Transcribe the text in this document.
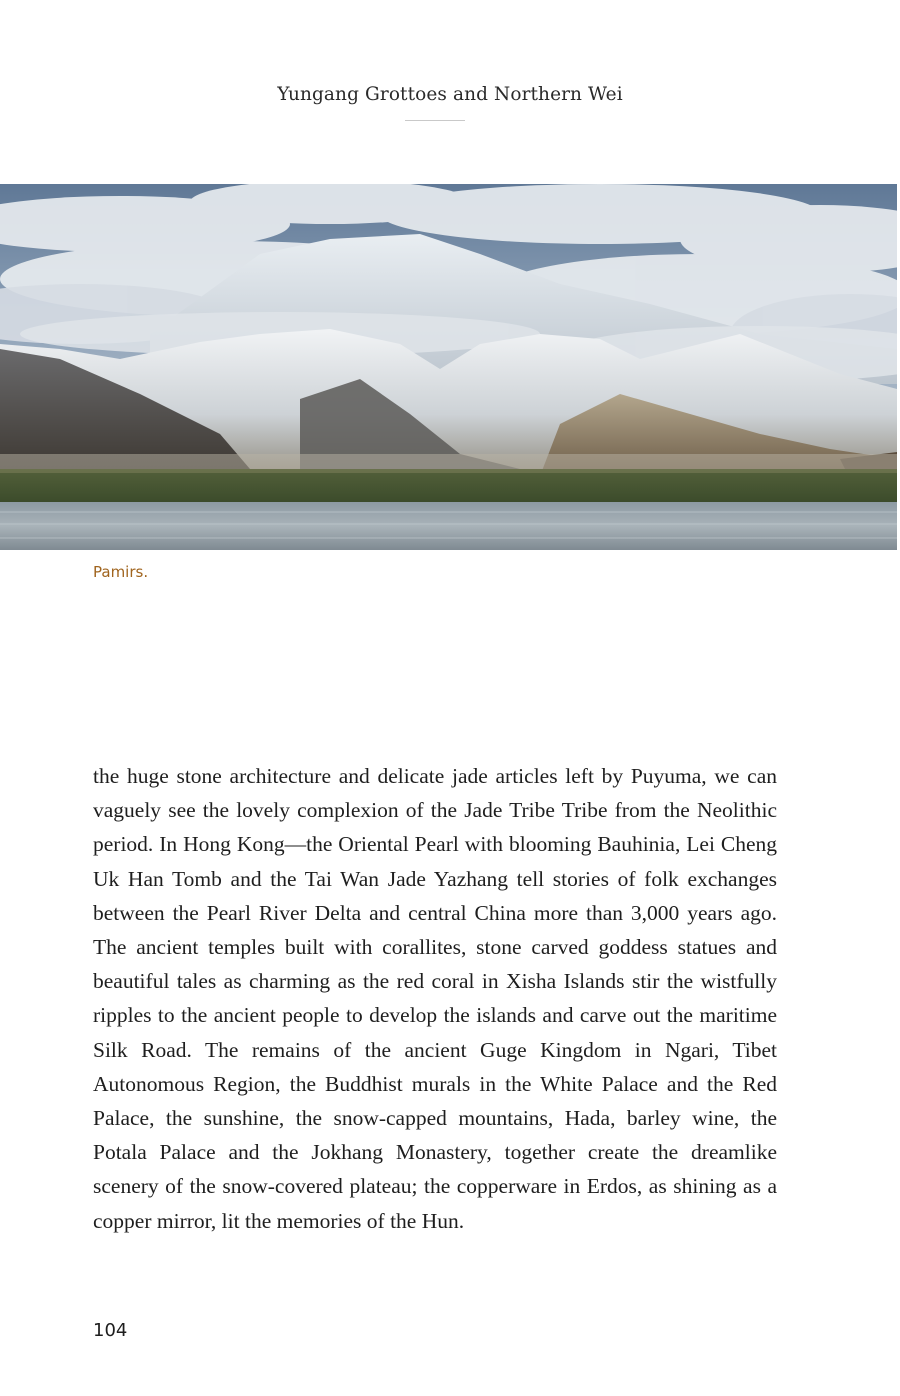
Yungang Grottoes and Northern Wei
Pamirs.

the huge stone architecture and delicate jade articles left by Puyuma, we can vaguely see the lovely complexion of the Jade Tribe Tribe from the Neolithic period. In Hong Kong—the Oriental Pearl with blooming Bauhinia, Lei Cheng Uk Han Tomb and the Tai Wan Jade Yazhang tell stories of folk exchanges between the Pearl River Delta and central China more than 3,000 years ago. The ancient temples built with corallites, stone carved goddess statues and beautiful tales as charming as the red coral in Xisha Islands stir the wistfully ripples to the ancient people to develop the islands and carve out the maritime Silk Road. The remains of the ancient Guge Kingdom in Ngari, Tibet Autonomous Region, the Buddhist murals in the White Palace and the Red Palace, the sunshine, the snow-capped mountains, Hada, barley wine, the Potala Palace and the Jokhang Monastery, together create the dreamlike scenery of the snow-covered plateau; the copperware in Erdos, as shining as a copper mirror, lit the memories of the Hun.

104
